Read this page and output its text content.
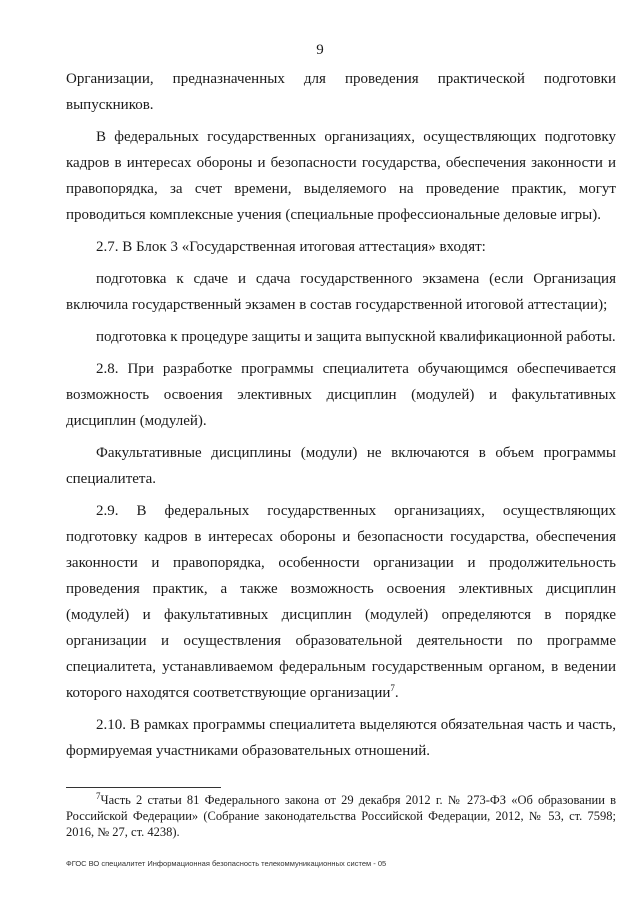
9

Организации, предназначенных для проведения практической подготовки выпускников.

В федеральных государственных организациях, осуществляющих подготовку кадров в интересах обороны и безопасности государства, обеспечения законности и правопорядка, за счет времени, выделяемого на проведение практик, могут проводиться комплексные учения (специальные профессиональные деловые игры).

2.7. В Блок 3 «Государственная итоговая аттестация» входят:

подготовка к сдаче и сдача государственного экзамена (если Организация включила государственный экзамен в состав государственной итоговой аттестации);

подготовка к процедуре защиты и защита выпускной квалификационной работы.

2.8. При разработке программы специалитета обучающимся обеспечивается возможность освоения элективных дисциплин (модулей) и факультативных дисциплин (модулей).

Факультативные дисциплины (модули) не включаются в объем программы специалитета.

2.9. В федеральных государственных организациях, осуществляющих подготовку кадров в интересах обороны и безопасности государства, обеспечения законности и правопорядка, особенности организации и продолжительность проведения практик, а также возможность освоения элективных дисциплин (модулей) и факультативных дисциплин (модулей) определяются в порядке организации и осуществления образовательной деятельности по программе специалитета, устанавливаемом федеральным государственным органом, в ведении которого находятся соответствующие организации$^7$.

2.10. В рамках программы специалитета выделяются обязательная часть и часть, формируемая участниками образовательных отношений.

$^7$Часть 2 статьи 81 Федерального закона от 29 декабря 2012 г. № 273-ФЗ «Об образовании в Российской Федерации» (Собрание законодательства Российской Федерации, 2012, № 53, ст. 7598; 2016, № 27, ст. 4238).
ФГОС ВО специалитет Информационная безопасность телекоммуникационных систем - 05
